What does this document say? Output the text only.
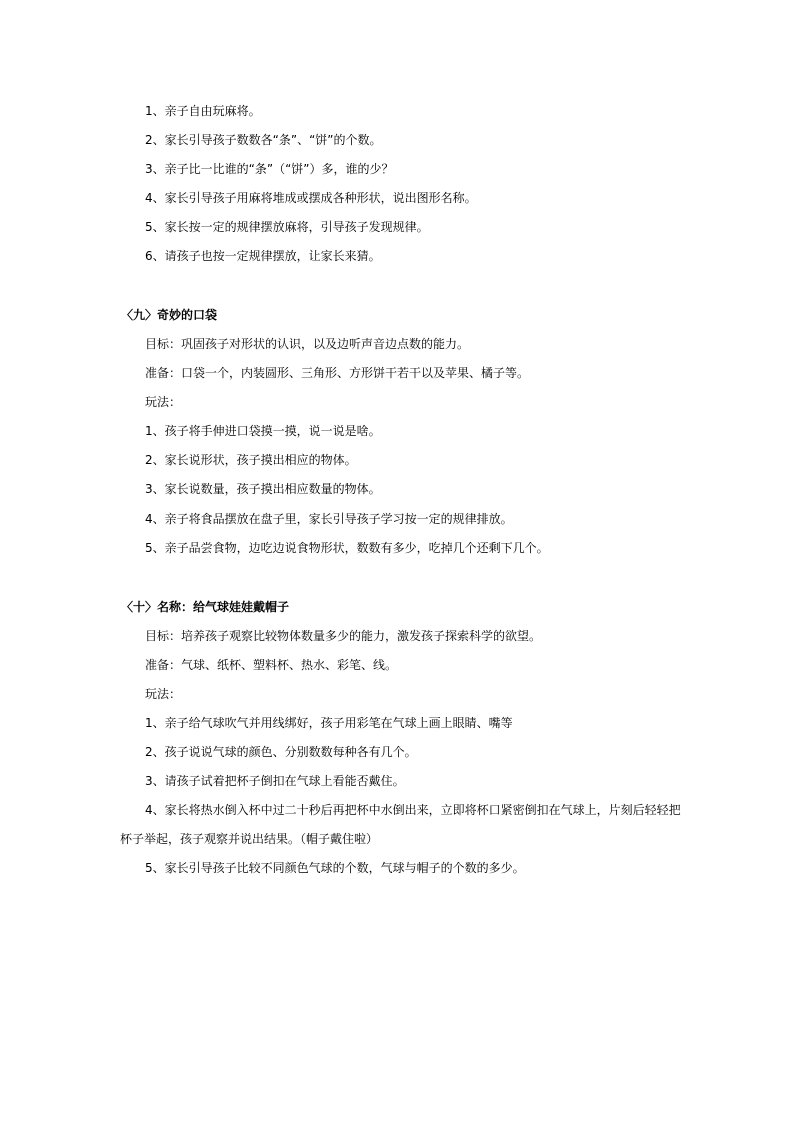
1、亲子自由玩麻将。
2、家长引导孩子数数各“条”、“饼”的个数。
3、亲子比一比谁的“条”（“饼”）多，谁的少？
4、家长引导孩子用麻将堆成或摆成各种形状，说出图形名称。
5、家长按一定的规律摆放麻将，引导孩子发现规律。
6、请孩子也按一定规律摆放，让家长来猜。
〈九〉奇妙的口袋
目标：巩固孩子对形状的认识，以及边听声音边点数的能力。
准备：口袋一个，内装圆形、三角形、方形饼干若干以及苹果、橘子等。
玩法：
1、孩子将手伸进口袋摸一摸，说一说是啥。
2、家长说形状，孩子摸出相应的物体。
3、家长说数量，孩子摸出相应数量的物体。
4、亲子将食品摆放在盘子里，家长引导孩子学习按一定的规律排放。
5、亲子品尝食物，边吃边说食物形状，数数有多少，吃掉几个还剩下几个。
〈十〉名称：给气球娃娃戴帽子
目标：培养孩子观察比较物体数量多少的能力，激发孩子探索科学的欲望。
准备：气球、纸杯、塑料杯、热水、彩笔、线。
玩法：
1、亲子给气球吹气并用线绑好，孩子用彩笔在气球上画上眼睛、嘴等
2、孩子说说气球的颜色、分别数数每种各有几个。
3、请孩子试着把杯子倒扣在气球上看能否戴住。
4、家长将热水倒入杯中过二十秒后再把杯中水倒出来，立即将杯口紧密倒扣在气球上，片刻后轻轻把
杯子举起，孩子观察并说出结果。（帽子戴住啦）
5、家长引导孩子比较不同颜色气球的个数，气球与帽子的个数的多少。
